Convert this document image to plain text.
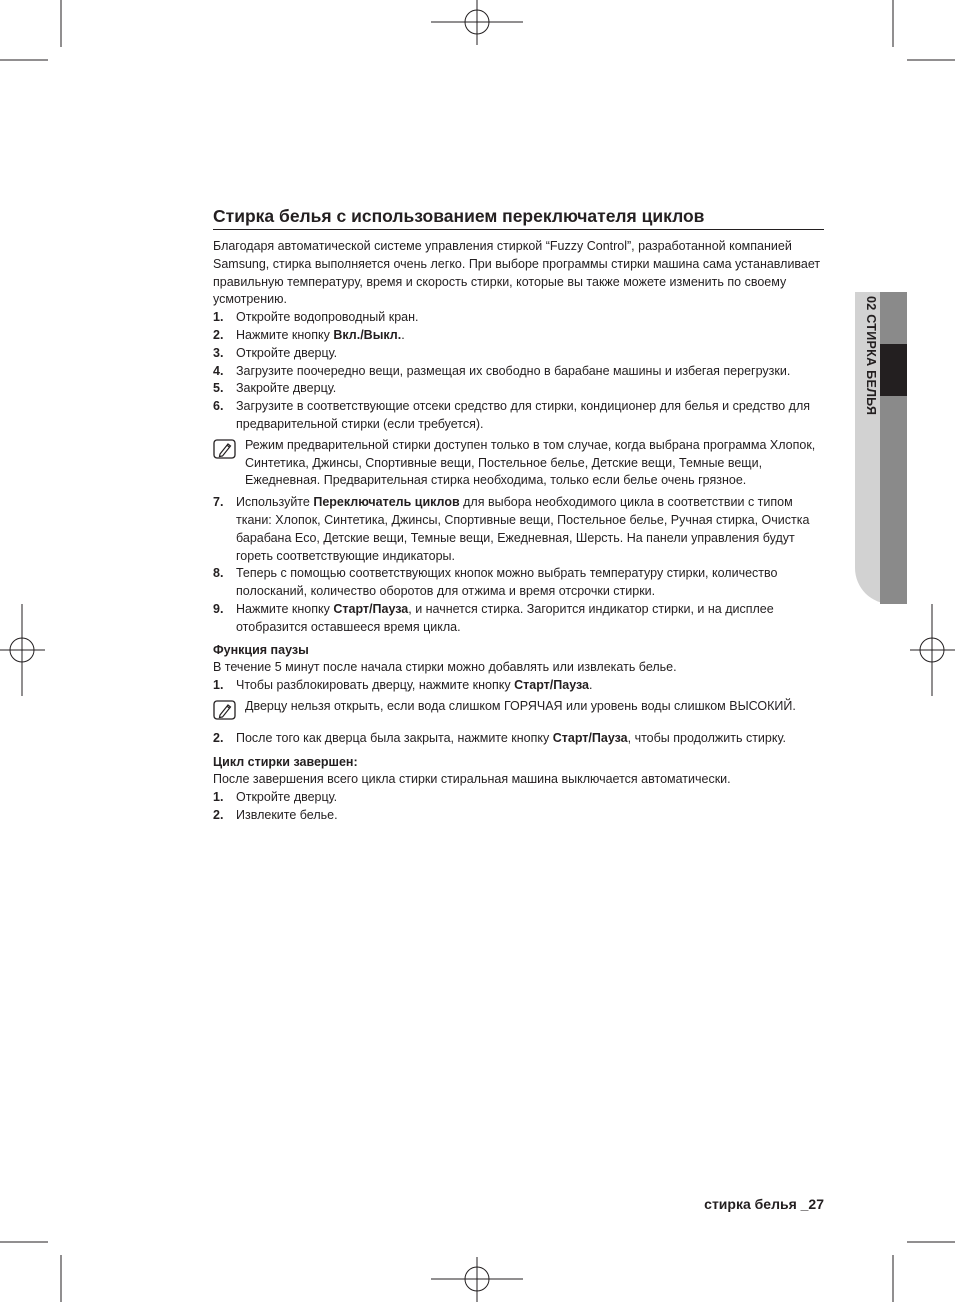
02 СТИРКА БЕЛЬЯ
Стирка белья с использованием переключателя циклов

Благодаря автоматической системе управления стиркой “Fuzzy Control”, разработанной компанией Samsung, стирка выполняется очень легко. При выборе программы стирки машина сама устанавливает правильную температуру, время и скорость стирки, которые вы также можете изменить по своему усмотрению.

1.	Откройте водопроводный кран.
2.	Нажмите кнопку Вкл./Выкл..
3.	Откройте дверцу.
4.	Загрузите поочередно вещи, размещая их свободно в барабане машины и избегая перегрузки.
5.	Закройте дверцу.
6.	Загрузите в соответствующие отсеки средство для стирки, кондиционер для белья и средство для предварительной стирки (если требуется).
Режим предварительной стирки доступен только в том случае, когда выбрана программа Хлопок, Синтетика, Джинсы, Спортивные вещи, Постельное белье, Детские вещи, Темные вещи, Ежедневная. Предварительная стирка необходима, только если белье очень грязное.
7.	Используйте Переключатель циклов для выбора необходимого цикла в соответствии с типом ткани: Хлопок, Синтетика, Джинсы, Спортивные вещи, Постельное белье, Ручная стирка, Очистка барабана Eco, Детские вещи, Темные вещи, Ежедневная, Шерсть. На панели управления будут гореть соответствующие индикаторы.
8.	Теперь с помощью соответствующих кнопок можно выбрать температуру стирки, количество полосканий, количество оборотов для отжима и время отсрочки стирки.
9.	Нажмите кнопку Старт/Пауза, и начнется стирка. Загорится индикатор стирки, и на дисплее отобразится оставшееся время цикла.

Функция паузы

В течение 5 минут после начала стирки можно добавлять или извлекать белье.

1.	Чтобы разблокировать дверцу, нажмите кнопку Старт/Пауза.
Дверцу нельзя открыть, если вода слишком ГОРЯЧАЯ или уровень воды слишком ВЫСОКИЙ.
2.	После того как дверца была закрыта, нажмите кнопку Старт/Пауза, чтобы продолжить стирку.

Цикл стирки завершен:

После завершения всего цикла стирки стиральная машина выключается автоматически.

1.	Откройте дверцу.
2.	Извлеките белье.
стирка белья _27
